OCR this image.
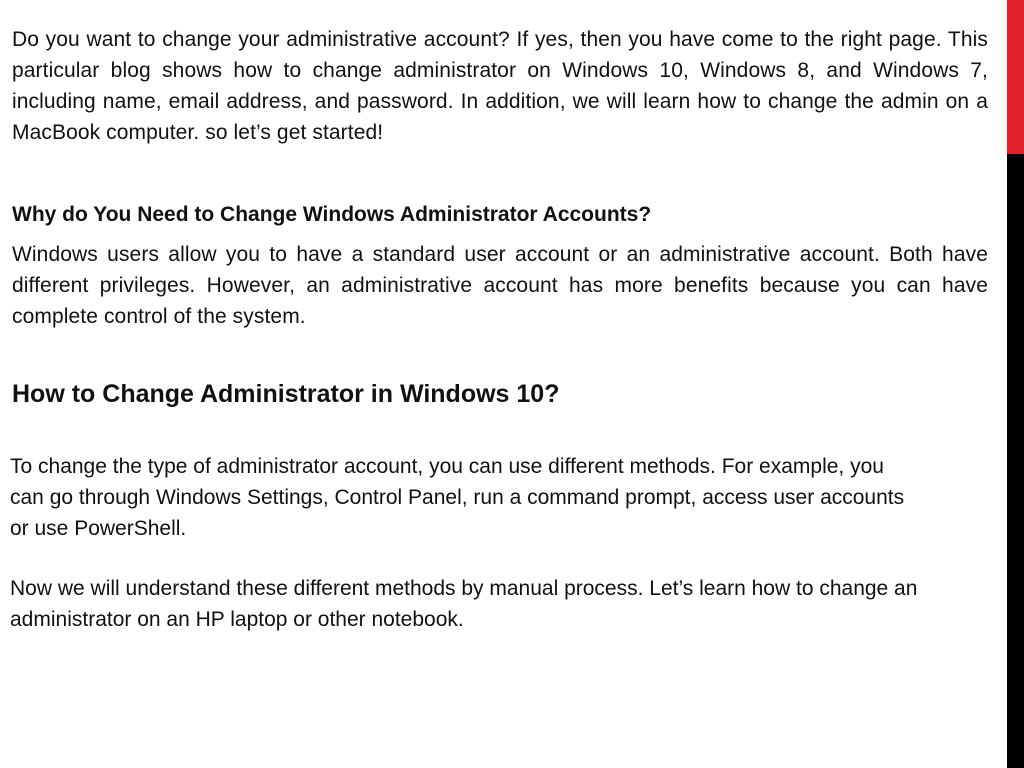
Do you want to change your administrative account? If yes, then you have come to the right page. This particular blog shows how to change administrator on Windows 10, Windows 8, and Windows 7, including name, email address, and password. In addition, we will learn how to change the admin on a MacBook computer. so let’s get started!

Why do You Need to Change Windows Administrator Accounts?

Windows users allow you to have a standard user account or an administrative account. Both have different privileges. However, an administrative account has more benefits because you can have complete control of the system.

How to Change Administrator in Windows 10?

To change the type of administrator account, you can use different methods. For example, you can go through Windows Settings, Control Panel, run a command prompt, access user accounts or use PowerShell.

Now we will understand these different methods by manual process. Let’s learn how to change an administrator on an HP laptop or other notebook.
